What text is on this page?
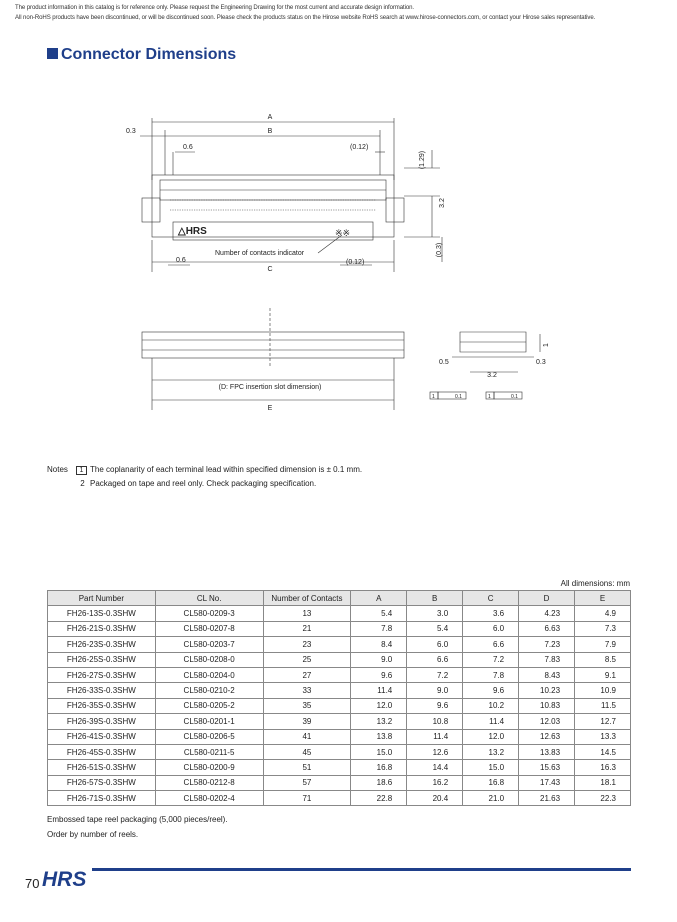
The product information in this catalog is for reference only. Please request the Engineering Drawing for the most current and accurate design information.
All non-RoHS products have been discontinued, or will be discontinued soon. Please check the products status on the Hirose website RoHS search at www.hirose-connectors.com, or contact your Hirose sales representative.
Connector Dimensions
A
B
0.3
0.6	(0.12)
(1.29)
3.2
(0.3)
0.6	(0.12)
C
Number of contacts indicator
※※
△HRS
(D: FPC insertion slot dimension)
E
0.5	0.3
3.2
1
1	0.1	1	0.1
Notes	1 The coplanarity of each terminal lead within specified dimension is ± 0.1 mm.
2 Packaged on tape and reel only. Check packaging specification.
All dimensions: mm
Part Number	CL No.	Number of Contacts	A	B	C	D	E
FH26-13S-0.3SHW	CL580-0209-3	13	5.4	3.0	3.6	4.23	4.9
FH26-21S-0.3SHW	CL580-0207-8	21	7.8	5.4	6.0	6.63	7.3
FH26-23S-0.3SHW	CL580-0203-7	23	8.4	6.0	6.6	7.23	7.9
FH26-25S-0.3SHW	CL580-0208-0	25	9.0	6.6	7.2	7.83	8.5
FH26-27S-0.3SHW	CL580-0204-0	27	9.6	7.2	7.8	8.43	9.1
FH26-33S-0.3SHW	CL580-0210-2	33	11.4	9.0	9.6	10.23	10.9
FH26-35S-0.3SHW	CL580-0205-2	35	12.0	9.6	10.2	10.83	11.5
FH26-39S-0.3SHW	CL580-0201-1	39	13.2	10.8	11.4	12.03	12.7
FH26-41S-0.3SHW	CL580-0206-5	41	13.8	11.4	12.0	12.63	13.3
FH26-45S-0.3SHW	CL580-0211-5	45	15.0	12.6	13.2	13.83	14.5
FH26-51S-0.3SHW	CL580-0200-9	51	16.8	14.4	15.0	15.63	16.3
FH26-57S-0.3SHW	CL580-0212-8	57	18.6	16.2	16.8	17.43	18.1
FH26-71S-0.3SHW	CL580-0202-4	71	22.8	20.4	21.0	21.63	22.3
Embossed tape reel packaging (5,000 pieces/reel).
Order by number of reels.
70 HRS
